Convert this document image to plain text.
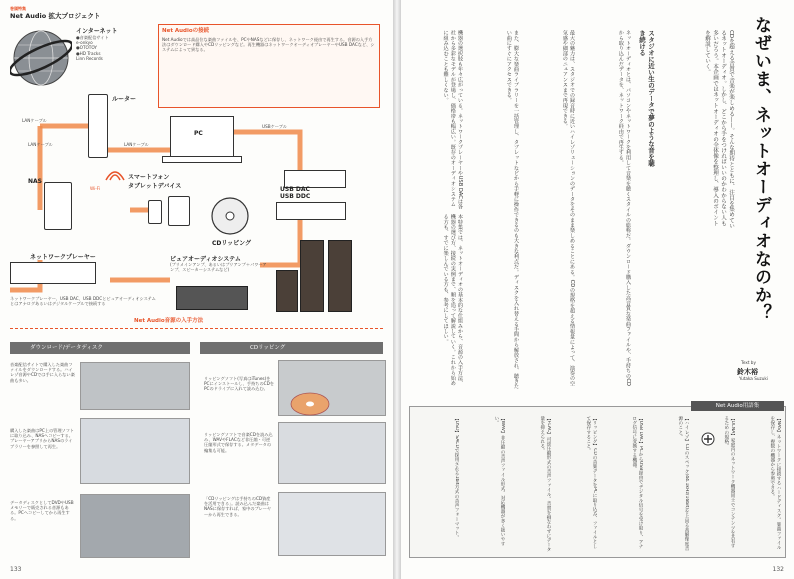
巻頭特集
Net Audio 拡大プロジェクト
インターネット
●音楽配信サイト
e-onkyo
●OTOTOY
●HD Tracks
Linn Records
Net Audioの接続
Net Audioでは高品位な楽曲ファイルを、PCやNASなどに保存し、ネットワーク経由で再生する。音源の入手方法はダウンロード購入やCDリッピングなど。再生機器はネットワークオーディオプレーヤーやUSB DACなど、システムによって異なる。
ルーター
LANケーブル
LANケーブル
LANケーブル
PC
USBケーブル
NAS
Wi-Fi
スマートフォン
タブレットデバイス
CDリッピング
USB DAC
USB DDC
ネットワークプレーヤー	ピュアオーディオシステム
(プリメインアンプ、あるいはプリアンプ＋パワーアンプ、スピーカーシステムなど)
ネットワークプレーヤー、USB DAC、USB DDCとピュアオーディオシステムとはアナログあるいはデジタルケーブルで接続する
Net Audio音源の入手方法
ダウンロード/データディスク	CDリッピング
音楽配信サイトで購入した楽曲ファイルをダウンロードする。ハイレゾ音源やCDでは手に入らない楽曲も多い。
購入した楽曲はPC上の管理ソフトに取り込み、NASへコピーする。プレーヤーアプリからNASのライブラリーを参照して再生。
データディスクとしてDVDやUSBメモリーで販売される音源もある。PCへコピーしてから再生する。
リッピングソフト(写真はiTunes)をPCにインストールし、手持ちのCDをPCのドライブに入れて読み込む。
リッピングソフトで音楽CDを読み込み、WAVやFLACなど非圧縮・可逆圧縮形式で保存する。メタデータの編集も可能。
「CDリッピングは手持ちのCD資産を活用できる」。読み込んだ楽曲はNASに保存すれば、家中のプレーヤーから再生できる。
133
なぜいま、ネットオーディオなのか？
CDを超える音質で音楽が楽しめる——。そんな期待とともに、注目を集めているネットオーディオ。しかし、どこから手をつければいいのかわからない人も多いだろう。本企画ではネットオーディオの全体像を整理し、導入のポイントを解説していく。
Text by
鈴木裕
Yutaka Suzuki
スタジオに近い生のデータで夢のような音を聴き続ける
ネットオーディオとは、パソコンやネットワークを利用して音楽を聴くスタイルの総称だ。ダウンロード購入した高音質な楽曲ファイルや、手持ちのCDから取り込んだデータを、ネットワーク経由で再生する。
最大の魅力は、スタジオでの録音時に近いハイレゾリューションのデータをそのまま楽しめることにある。CDの規格を超える情報量によって、演奏の空気感や細部のニュアンスまで再現できる。
また、膨大な楽曲ライブラリーを一括管理し、タブレットなどから手軽に操作できるのも大きな利点だ。ディスクを入れ替える手間から解放され、聴きたい曲にすぐにアクセスできる。
機器の選択肢も年々広がっている。ネットワークプレーヤーやUSB DACは各社から多彩なモデルが登場し、価格帯も幅広い。既存のオーディオシステムに組み込むことも難しくない。
本特集では、ネットオーディオの基本的な仕組みから、音源の入手方法、機器の選び方、接続の実例まで、順を追って解説していく。これから始める方も、すでに楽しんでいる方も、参考にしてほしい。
Net Audio用語集
【NAS】ネットワークに接続するハードディスク。楽曲ファイルを保存し、複数の機器から参照できる。
【DLNA】家庭内のネットワーク機器同士でコンテンツを共有するための規格。
【ハイレゾ】CDのスペック(44.1kHz/16bit)を上回る高解像度音源のこと。
【USB DAC】PCからUSB経由でデジタル信号を受け取り、アナログ信号に変換する機器。
【リッピング】CDの音楽データをPCに取り込み、ファイルとして保存すること。
【FLAC】可逆圧縮形式の音声ファイル。音質を損なわずにデータ量を抑えられる。
【WAV】非圧縮の音声ファイル形式。対応機器が多く扱いやすい。
【DSD】SACDで採用される1bit方式の音声フォーマット。
132
